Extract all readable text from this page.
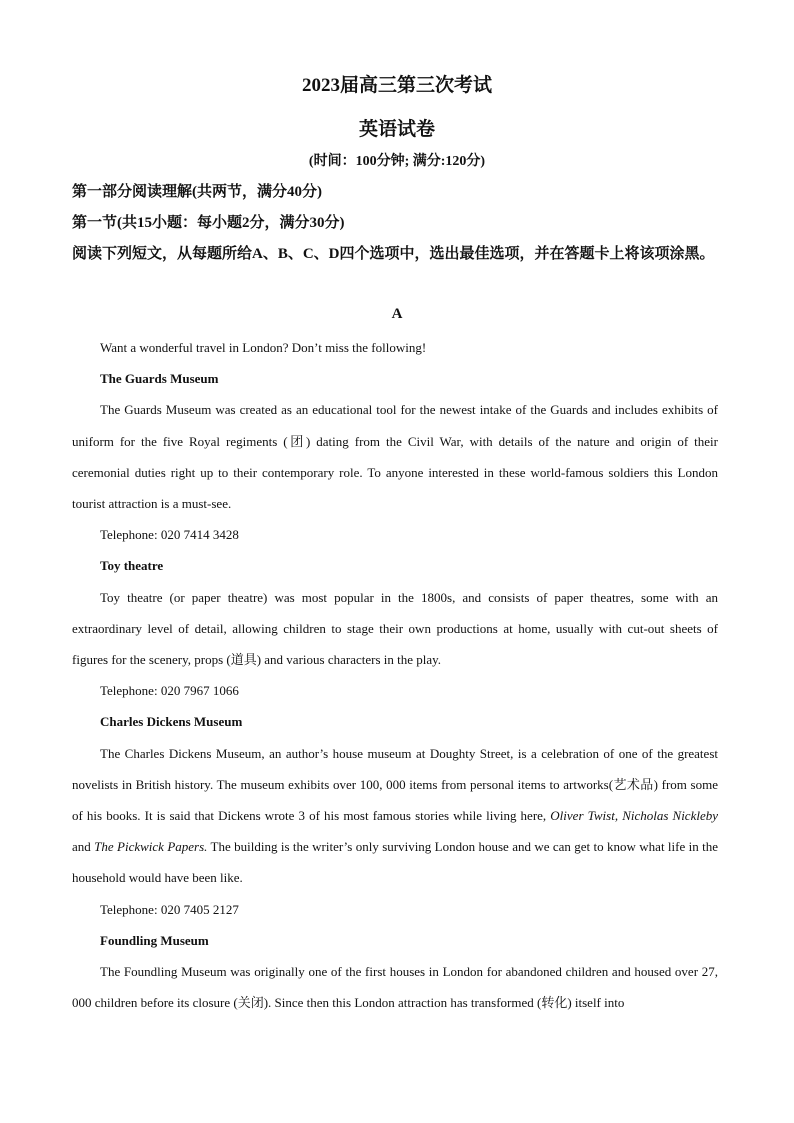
2023届高三第三次考试
英语试卷
(时间：100分钟; 满分:120分)

第一部分阅读理解(共两节，满分40分)

第一节(共15小题：每小题2分，满分30分)

阅读下列短文，从每题所给A、B、C、D四个选项中，选出最佳选项，并在答题卡上将该项涂黑。

A

Want a wonderful travel in London? Don’t miss the following!

The Guards Museum

The Guards Museum was created as an educational tool for the newest intake of the Guards and includes exhibits of uniform for the five Royal regiments (团) dating from the Civil War, with details of the nature and origin of their ceremonial duties right up to their contemporary role. To anyone interested in these world-famous soldiers this London tourist attraction is a must-see.

Telephone: 020 7414 3428

Toy theatre

Toy theatre (or paper theatre) was most popular in the 1800s, and consists of paper theatres, some with an extraordinary level of detail, allowing children to stage their own productions at home, usually with cut-out sheets of figures for the scenery, props (道具) and various characters in the play.

Telephone: 020 7967 1066

Charles Dickens Museum

The Charles Dickens Museum, an author’s house museum at Doughty Street, is a celebration of one of the greatest novelists in British history. The museum exhibits over 100, 000 items from personal items to artworks(艺术品) from some of his books. It is said that Dickens wrote 3 of his most famous stories while living here, Oliver Twist, Nicholas Nickleby and The Pickwick Papers. The building is the writer’s only surviving London house and we can get to know what life in the household would have been like.

Telephone: 020 7405 2127

Foundling Museum

The Foundling Museum was originally one of the first houses in London for abandoned children and housed over 27, 000 children before its closure (关闭). Since then this London attraction has transformed (转化) itself into
